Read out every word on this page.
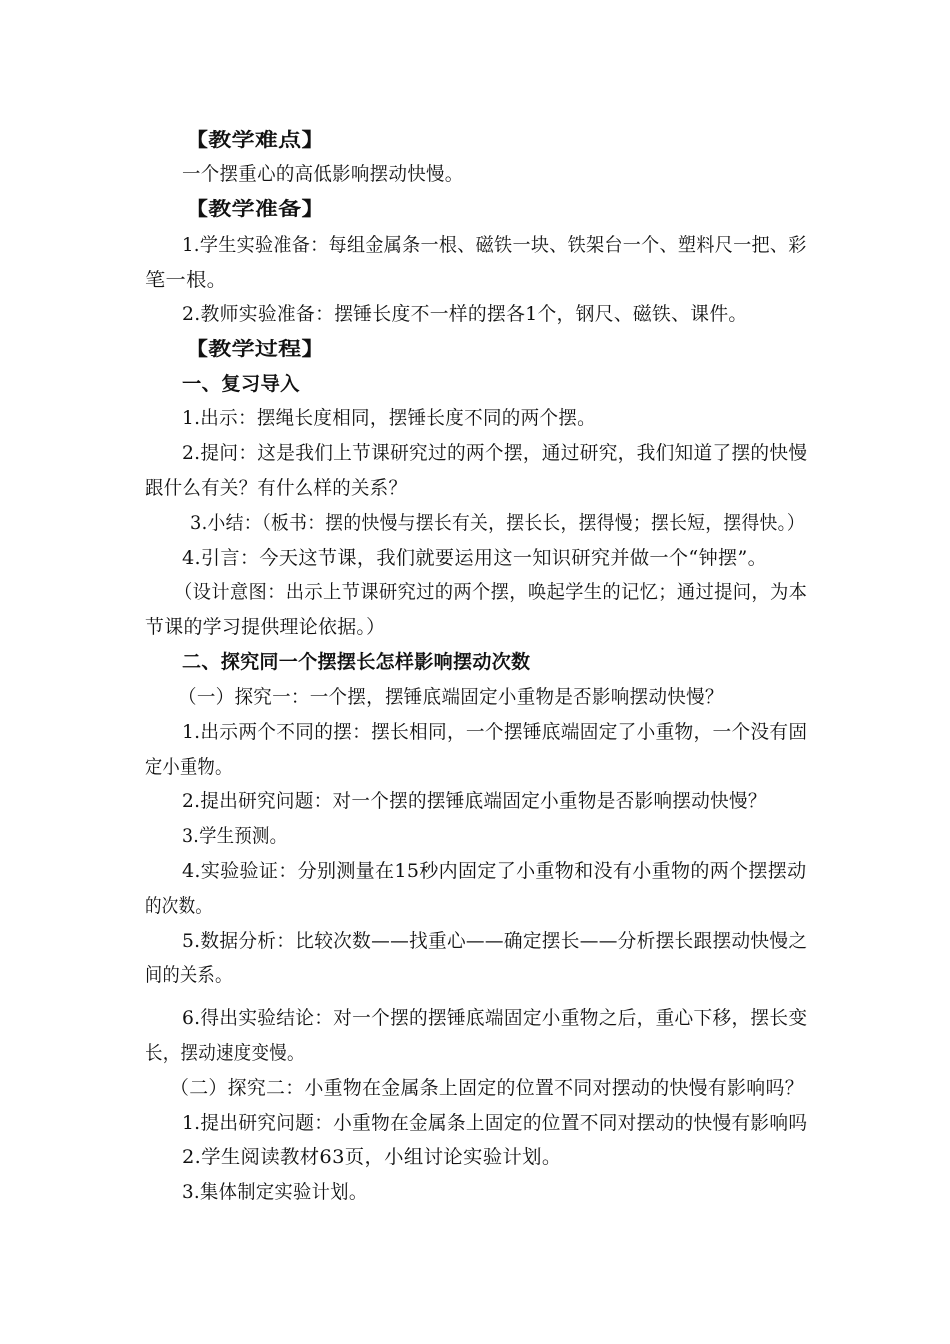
【教学难点】
一个摆重心的高低影响摆动快慢。
【教学准备】
1.学生实验准备：每组金属条一根、磁铁一块、铁架台一个、塑料尺一把、彩
笔一根。
2.教师实验准备：摆锤长度不一样的摆各1个，钢尺、磁铁、课件。
【教学过程】
一、复习导入
1.出示：摆绳长度相同，摆锤长度不同的两个摆。
2.提问：这是我们上节课研究过的两个摆，通过研究，我们知道了摆的快慢
跟什么有关？有什么样的关系？
3.小结：（板书：摆的快慢与摆长有关，摆长长，摆得慢；摆长短，摆得快。）
4.引言：今天这节课，我们就要运用这一知识研究并做一个“钟摆”。
（设计意图：出示上节课研究过的两个摆，唤起学生的记忆；通过提问，为本
节课的学习提供理论依据。）
二、探究同一个摆摆长怎样影响摆动次数
（一）探究一：一个摆，摆锤底端固定小重物是否影响摆动快慢？
1.出示两个不同的摆：摆长相同，一个摆锤底端固定了小重物，一个没有固
定小重物。
2.提出研究问题：对一个摆的摆锤底端固定小重物是否影响摆动快慢？
3.学生预测。
4.实验验证：分别测量在15秒内固定了小重物和没有小重物的两个摆摆动
的次数。
5.数据分析：比较次数——找重心——确定摆长——分析摆长跟摆动快慢之
间的关系。
6.得出实验结论：对一个摆的摆锤底端固定小重物之后，重心下移，摆长变
长，摆动速度变慢。
（二）探究二：小重物在金属条上固定的位置不同对摆动的快慢有影响吗？
1.提出研究问题：小重物在金属条上固定的位置不同对摆动的快慢有影响吗
2.学生阅读教材63页，小组讨论实验计划。
3.集体制定实验计划。
